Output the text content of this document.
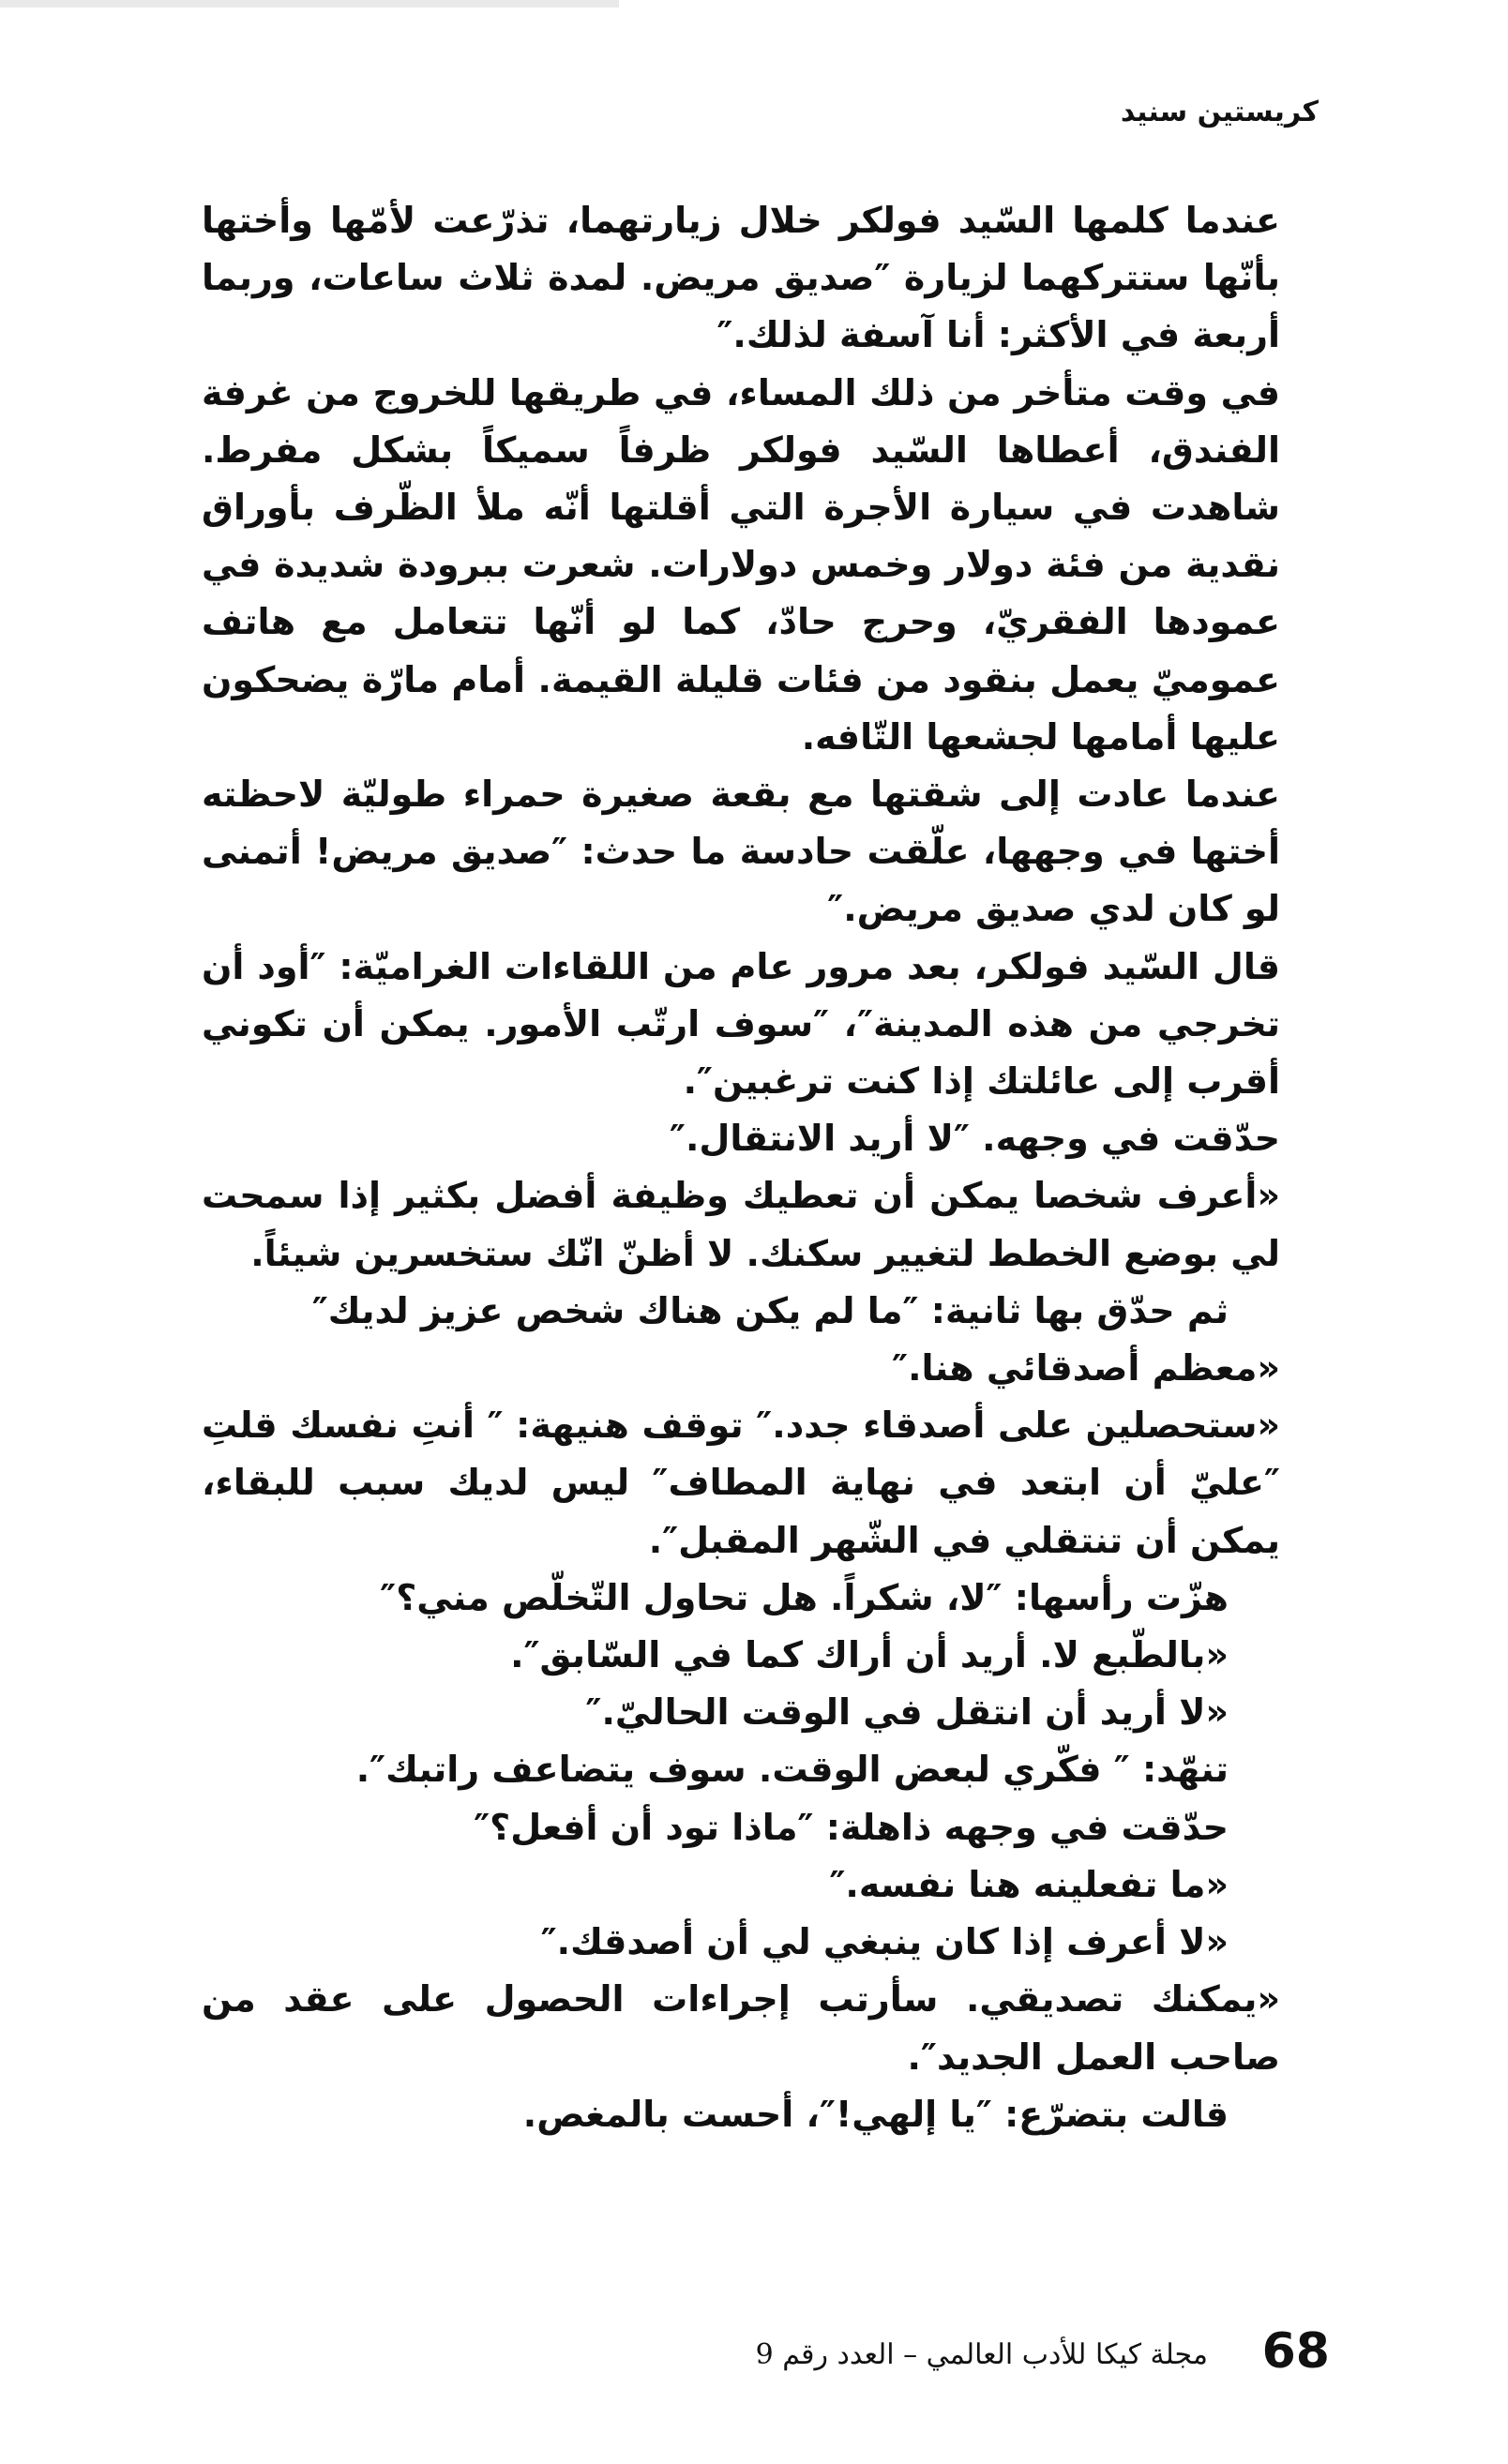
كريستين سنيد

عندما كلمها السّيد فولكر خلال زيارتهما، تذرّعت لأمّها وأختها بأنّها ستتركهما لزيارة ″صديق مريض. لمدة ثلاث ساعات، وربما أربعة في الأكثر: أنا آسفة لذلك.″

في وقت متأخر من ذلك المساء، في طريقها للخروج من غرفة الفندق، أعطاها السّيد فولكر ظرفاً سميكاً بشكل مفرط. شاهدت في سيارة الأجرة التي أقلتها أنّه ملأ الظّرف بأوراق نقدية من فئة دولار وخمس دولارات. شعرت ببرودة شديدة في عمودها الفقريّ، وحرج حادّ، كما لو أنّها تتعامل مع هاتف عموميّ يعمل بنقود من فئات قليلة القيمة. أمام مارّة يضحكون عليها أمامها لجشعها التّافه.

عندما عادت إلى شقتها مع بقعة صغيرة حمراء طوليّة لاحظته أختها في وجهها، علّقت حادسة ما حدث: ″صديق مريض! أتمنى لو كان لدي صديق مريض.″

قال السّيد فولكر، بعد مرور عام من اللقاءات الغراميّة: ″أود أن تخرجي من هذه المدينة″، ″سوف ارتّب الأمور. يمكن أن تكوني أقرب إلى عائلتك إذا كنت ترغبين″.

حدّقت في وجهه. ″لا أريد الانتقال.″

«أعرف شخصا يمكن أن تعطيك وظيفة أفضل بكثير إذا سمحت لي بوضع الخطط لتغيير سكنك. لا أظنّ انّك ستخسرين شيئاً.

ثم حدّق بها ثانية: ″ما لم يكن هناك شخص عزيز لديك″

«معظم أصدقائي هنا.″

«ستحصلين على أصدقاء جدد.″ توقف هنيهة: ″ أنتِ نفسك قلتِ ″عليّ أن ابتعد في نهاية المطاف″ ليس لديك سبب للبقاء، يمكن أن تنتقلي في الشّهر المقبل″.

هزّت رأسها: ″لا، شكراً. هل تحاول التّخلّص مني؟″

«بالطّبع لا. أريد أن أراك كما في السّابق″.

«لا أريد أن انتقل في الوقت الحاليّ.″

تنهّد: ″ فكّري لبعض الوقت. سوف يتضاعف راتبك″.

حدّقت في وجهه ذاهلة: ″ماذا تود أن أفعل؟″

«ما تفعلينه هنا نفسه.″

«لا أعرف إذا كان ينبغي لي أن أصدقك.″

«يمكنك تصديقي. سأرتب إجراءات الحصول على عقد من صاحب العمل الجديد″.

قالت بتضرّع: ″يا إلهي!″، أحست بالمغص.

68
مجلة كيكا للأدب العالمي – العدد رقم 9
